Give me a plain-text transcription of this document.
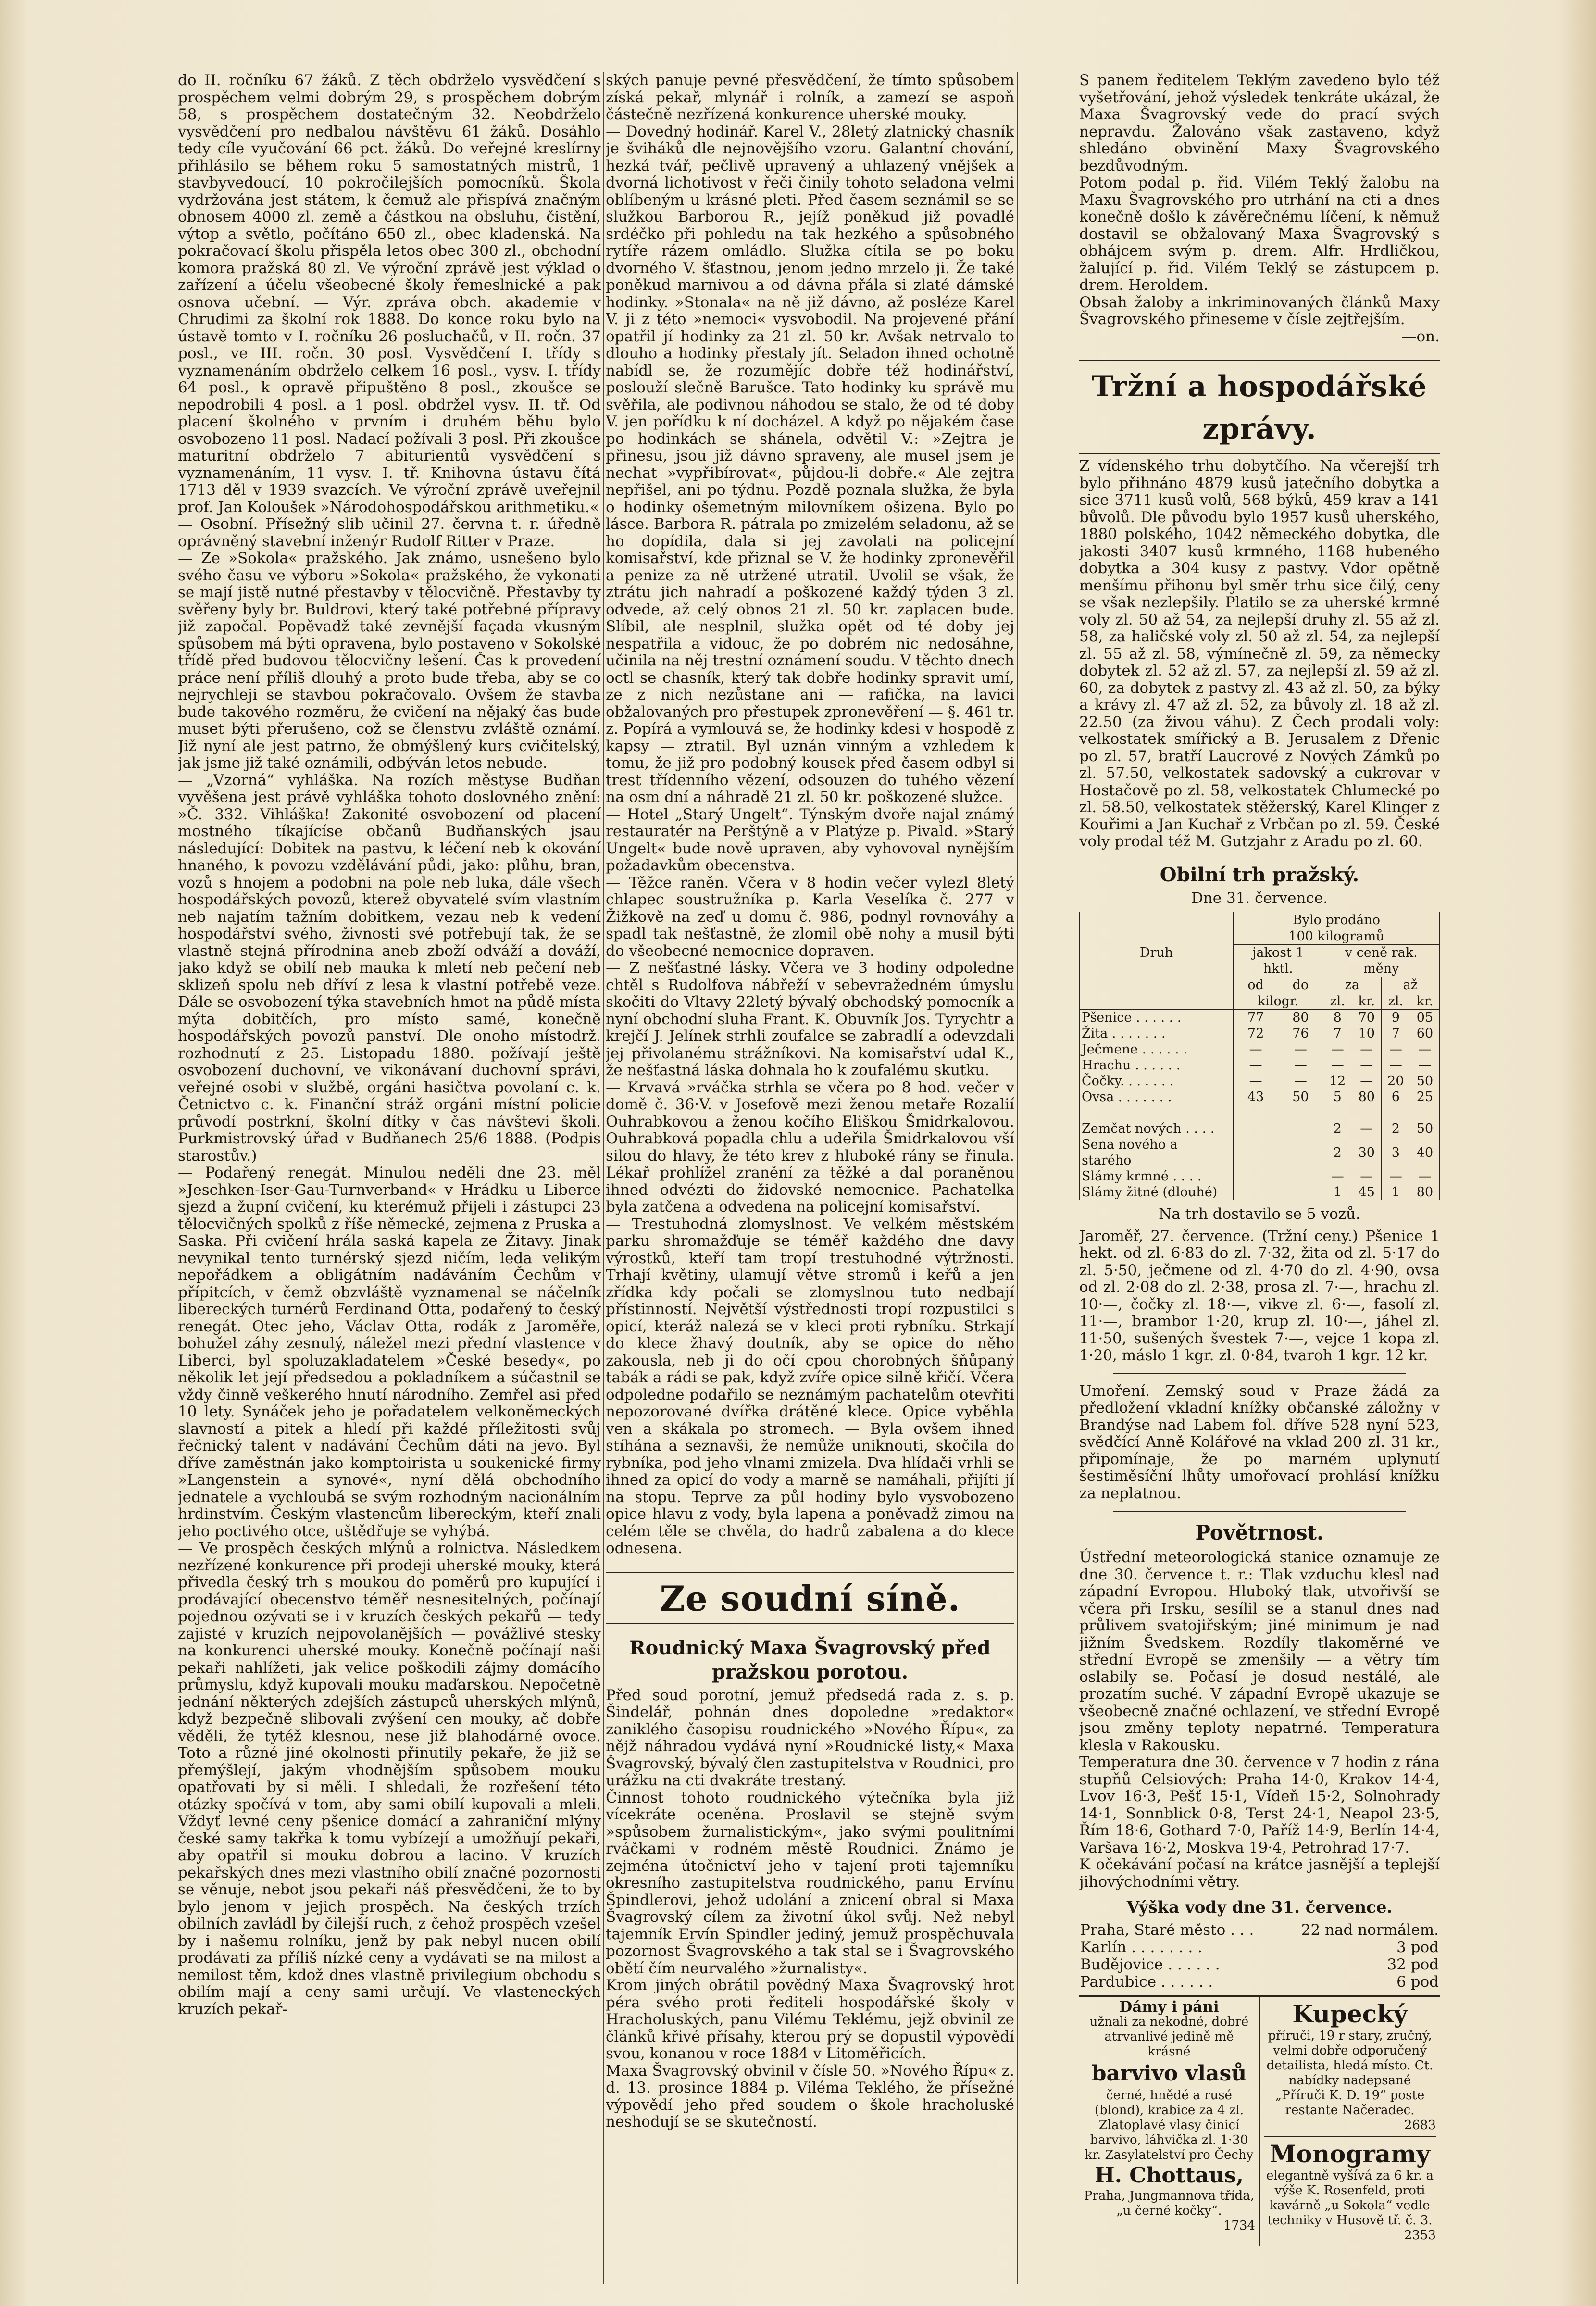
do II. ročníku 67 žáků. Z těch obdrželo vysvědčení s prospěchem velmi dobrým 29, s prospěchem dobrým 58, s prospěchem dostatečným 32. Neobdrželo vysvědčení pro nedbalou návštěvu 61 žáků. Dosáhlo tedy cíle vyučování 66 pct. žáků. Do veřejné kreslírny přihlásilo se během roku 5 samostatných mistrů, 1 stavbyvedoucí, 10 pokročilejších pomocníků. Škola vydržována jest státem, k čemuž ale přispívá značným obnosem 4000 zl. země a částkou na obsluhu, čistění, výtop a světlo, počítáno 650 zl., obec kladenská. Na pokračovací školu přispěla letos obec 300 zl., obchodní komora pražská 80 zl. Ve výroční zprávě jest výklad o zařízení a účelu všeobecné školy řemeslnické a pak osnova učební. — Výr. zpráva obch. akademie v Chrudimi za školní rok 1888. Do konce roku bylo na ústavě tomto v I. ročníku 26 posluchačů, v II. ročn. 37 posl., ve III. ročn. 30 posl. Vysvědčení I. třídy s vyznamenáním obdrželo celkem 16 posl., vysv. I. třídy 64 posl., k opravě připuštěno 8 posl., zkoušce se nepodrobili 4 posl. a 1 posl. obdržel vysv. II. tř. Od placení školného v prvním i druhém běhu bylo osvobozeno 11 posl. Nadací požívali 3 posl. Při zkoušce maturitní obdrželo 7 abiturientů vysvědčení s vyznamenáním, 11 vysv. I. tř. Knihovna ústavu čítá 1713 děl v 1939 svazcích. Ve výroční zprávě uveřejnil prof. Jan Koloušek »Národohospodářskou arithmetiku.«

— Osobní. Přísežný slib učinil 27. června t. r. úředně oprávněný stavební inženýr Rudolf Ritter v Praze.

— Ze »Sokola« pražského. Jak známo, usnešeno bylo svého času ve výboru »Sokola« pražského, že vykonati se mají jistě nutné přestavby v tělocvičně. Přestavby ty svěřeny byly br. Buldrovi, který také potřebné přípravy již započal. Popěvadž také zevnější façada vkusným spůsobem má býti opravena, bylo postaveno v Sokolské třídě před budovou tělocvičny lešení. Čas k provedení práce není příliš dlouhý a proto bude třeba, aby se co nejrychleji se stavbou pokračovalo. Ovšem že stavba bude takového rozměru, že cvičení na nějaký čas bude muset býti přerušeno, což se členstvu zvláště oznámí. Již nyní ale jest patrno, že obmýšlený kurs cvičitelský, jak jsme již také oznámili, odbýván letos nebude.

— „Vzorná“ vyhláška. Na rozích městyse Budňan vyvěšena jest právě vyhláška tohoto doslovného znění: »Č. 332. Vihláška! Zakonité osvobození od placení mostného tíkajícíse občanů Budňanských jsau následující: Dobitek na pastvu, k léčení neb k okování hnaného, k povozu vzdělávání půdi, jako: plůhu, bran, vozů s hnojem a podobni na pole neb luka, dále všech hospodářských povozů, kterež obyvatelé svím vlastním neb najatím tažním dobitkem, vezau neb k vedení hospodářství svého, živnosti své potřebují tak, že se vlastně stejná přírodnina aneb zboží odváží a dováží, jako když se obilí neb mauka k mletí neb pečení neb sklizeň spolu neb dříví z lesa k vlastní potřebě veze. Dále se osvobození týka stavebních hmot na půdě místa mýta dobitčích, pro místo samé, konečně hospodářských povozů panství. Dle onoho místodrž. rozhodnutí z 25. Listopadu 1880. požívají ještě osvobození duchovní, ve vikonávaní duchovní správi, veřejné osobi v službě, orgáni hasičtva povolaní c. k. Četnictvo c. k. Finanční stráž orgáni místní policie průvodí postrkní, školní dítky v čas návštevi školi. Purkmistrovský úřad v Budňanech 25/6 1888. (Podpis starostův.)

— Podařený renegát. Minulou neděli dne 23. měl »Jeschken-Iser-Gau-Turnverband« v Hrádku u Liberce sjezd a župní cvičení, ku kterémuž přijeli i zástupci 23 tělocvičných spolků z říše německé, zejmena z Pruska a Saska. Při cvičení hrála saská kapela ze Žitavy. Jinak nevynikal tento turnérský sjezd ničím, leda velikým nepořádkem a obligátním nadáváním Čechům v přípitcích, v čemž obzvláště vyznamenal se náčelník libereckých turnérů Ferdinand Otta, podařený to český renegát. Otec jeho, Václav Otta, rodák z Jaroměře, bohužel záhy zesnulý, náležel mezi přední vlastence v Liberci, byl spoluzakladatelem »České besedy«, po několik let její předsedou a pokladníkem a súčastnil se vždy činně veškerého hnutí národního. Zemřel asi před 10 lety. Synáček jeho je pořadatelem velkoněmeckých slavností a pitek a hledí při každé příležitosti svůj řečnický talent v nadávání Čechům dáti na jevo. Byl dříve zaměstnán jako komptoirista u soukenické firmy »Langenstein a synové«, nyní dělá obchodního jednatele a vychloubá se svým rozhodným nacionálním hrdinstvím. Českým vlastencům libereckým, kteří znali jeho poctivého otce, uštědřuje se vyhýbá.

— Ve prospěch českých mlýnů a rolnictva. Následkem nezřízené konkurence při prodeji uherské mouky, která přivedla český trh s moukou do poměrů pro kupující i prodávající obecenstvo téměř nesnesitelných, počínají pojednou ozývati se i v kruzích českých pekařů — tedy zajisté v kruzích nejpovolanějších — povážlivé stesky na konkurenci uherské mouky. Konečně počínají naši pekaři nahlížeti, jak velice poškodili zájmy domácího průmyslu, když kupovali mouku maďarskou. Nepočetně jednání některých zdejších zástupců uherských mlýnů, když bezpečně slibovali zvýšení cen mouky, ač dobře věděli, že tytéž klesnou, nese již blahodárné ovoce. Toto a různé jiné okolnosti přinutily pekaře, že již se přemýšlejí, jakým vhodnějším spůsobem mouku opatřovati by si měli. I shledali, že rozřešení této otázky spočívá v tom, aby sami obilí kupovali a mleli. Vždyť levné ceny pšenice domácí a zahraniční mlýny české samy takřka k tomu vybízejí a umožňují pekaři, aby opatřil si mouku dobrou a lacino. V kruzích pekařských dnes mezi vlastního obilí značné pozornosti se věnuje, nebot jsou pekaři náš přesvědčeni, že to by bylo jenom v jejich prospěch. Na českých trzích obilních zavládl by čilejší ruch, z čehož prospěch vzešel by i našemu rolníku, jenž by pak nebyl nucen obilí prodávati za příliš nízké ceny a vydávati se na milost a nemilost těm, kdož dnes vlastně privilegium obchodu s obilím mají a ceny sami určují. Ve vlasteneckých kruzích pekař-

ských panuje pevné přesvědčení, že tímto spůsobem získá pekař, mlynář i rolník, a zamezí se aspoň částečně nezřízená konkurence uherské mouky.

— Dovedný hodinář. Karel V., 28letý zlatnický chasník je šviháků dle nejnovějšího vzoru. Galantní chování, hezká tvář, pečlivě upravený a uhlazený vnějšek a dvorná lichotivost v řeči činily tohoto seladona velmi oblíbeným u krásné pleti. Před časem seznámil se se služkou Barborou R., jejíž poněkud již povadlé srdéčko při pohledu na tak hezkého a spůsobného rytíře rázem omládlo. Služka cítila se po boku dvorného V. šťastnou, jenom jedno mrzelo ji. Že také poněkud marnivou a od dávna přála si zlaté dámské hodinky. »Stonala« na ně již dávno, až posléze Karel V. ji z této »nemoci« vysvobodil. Na projevené přání opatřil jí hodinky za 21 zl. 50 kr. Avšak netrvalo to dlouho a hodinky přestaly jít. Seladon ihned ochotně nabídl se, že rozumějíc dobře též hodinářství, poslouží slečně Barušce. Tato hodinky ku správě mu svěřila, ale podivnou náhodou se stalo, že od té doby V. jen pořídku k ní docházel. A když po nějakém čase po hodinkách se shánela, odvětil V.: »Zejtra je přinesu, jsou již dávno spraveny, ale musel jsem je nechat »vypřibírovat«, půjdou-li dobře.« Ale zejtra nepřišel, ani po týdnu. Pozdě poznala služka, že byla o hodinky ošemetným milovníkem ošizena. Bylo po lásce. Barbora R. pátrala po zmizelém seladonu, až se ho dopídila, dala si jej zavolati na policejní komisařství, kde přiznal se V. že hodinky zpronevěřil a penize za ně utržené utratil. Uvolil se však, že ztrátu jich nahradí a poškozené každý týden 3 zl. odvede, až celý obnos 21 zl. 50 kr. zaplacen bude. Slíbil, ale nesplnil, služka opět od té doby jej nespatřila a vidouc, že po dobrém nic nedosáhne, učinila na něj trestní oznámení soudu. V těchto dnech octl se chasník, který tak dobře hodinky spravit umí, ze z nich nezůstane ani — rafička, na lavici obžalovaných pro přestupek zpronevěření — §. 461 tr. z. Popírá a vymlouvá se, že hodinky kdesi v hospodě z kapsy — ztratil. Byl uznán vinným a vzhledem k tomu, že již pro podobný kousek před časem odbyl si trest třídenního vězení, odsouzen do tuhého vězení na osm dní a náhradě 21 zl. 50 kr. poškozené služce.

— Hotel „Starý Ungelt“. Týnským dvoře najal známý restauratér na Perštýně a v Platýze p. Pivald. »Starý Ungelt« bude nově upraven, aby vyhovoval nynějším požadavkům obecenstva.

— Těžce raněn. Včera v 8 hodin večer vylezl 8letý chlapec soustružníka p. Karla Veselíka č. 277 v Žižkově na zeď u domu č. 986, podnyl rovnováhy a spadl tak nešťastně, že zlomil obě nohy a musil býti do všeobecné nemocnice dopraven.

— Z nešťastné lásky. Včera ve 3 hodiny odpoledne chtěl s Rudolfova nábřeží v sebevražedném úmyslu skočiti do Vltavy 22letý bývalý obchodský pomocník a nyní obchodní sluha Frant. K. Obuvník Jos. Tyrychtr a krejčí J. Jelínek strhli zoufalce se zabradlí a odevzdali jej přivolanému strážníkovi. Na komisařství udal K., že nešťastná láska dohnala ho k zoufalému skutku.

— Krvavá »rváčka strhla se včera po 8 hod. večer v domě č. 36·V. v Josefově mezi ženou metaře Rozalií Ouhrabkovou a ženou kočího Eliškou Šmidrkalovou. Ouhrabková popadla chlu a udeřila Šmidrkalovou vší silou do hlavy, že této krev z hluboké rány se řinula. Lékař prohlížel zranění za těžké a dal poraněnou ihned odvézti do židovské nemocnice. Pachatelka byla zatčena a odvedena na policejní komisařství.

— Trestuhodná zlomyslnost. Ve velkém městském parku shromažďuje se téměř každého dne davy výrostků, kteří tam tropí trestuhodné výtržnosti. Trhají květiny, ulamují větve stromů i keřů a jen zřídka kdy počali se zlomyslnou tuto nedbají přístinností. Největší výstřednosti tropí rozpustilci s opicí, kteráž nalezá se v kleci proti rybníku. Strkají do klece žhavý doutník, aby se opice do něho zakousla, neb ji do očí cpou chorobných šňůpaný tabák a rádi se pak, když zvíře opice silně křičí. Včera odpoledne podařilo se neznámým pachatelům otevřiti nepozorované dvířka drátěné klece. Opice vyběhla ven a skákala po stromech. — Byla ovšem ihned stíhána a seznavši, že nemůže uniknouti, skočila do rybníka, pod jeho vlnami zmizela. Dva hlídači vrhli se ihned za opicí do vody a marně se namáhali, přijíti jí na stopu. Teprve za půl hodiny bylo vysvobozeno opice hlavu z vody, byla lapena a poněvadž zimou na celém těle se chvěla, do hadrů zabalena a do klece odnesena.

Ze soudní síně.
Roudnický Maxa Švagrovský před pražskou porotou.

Před soud porotní, jemuž předsedá rada z. s. p. Šindelář, pohnán dnes dopoledne »redaktor« zaniklého časopisu roudnického »Nového Řípu«, za nějž náhradou vydává nyní »Roudnické listy,« Maxa Švagrovský, bývalý člen zastupitelstva v Roudnici, pro urážku na cti dvakráte trestaný.

Činnost tohoto roudnického výtečníka byla již vícekráte oceněna. Proslavil se stejně svým »spůsobem žurnalistickým«, jako svými poulitními rváčkami v rodném městě Roudnici. Známo je zejména útočnictví jeho v tajení proti tajemníku okresního zastupitelstva roudnického, panu Ervínu Špindlerovi, jehož udolání a znicení obral si Maxa Švagrovský cílem za životní úkol svůj. Než nebyl tajemník Ervín Spindler jediný, jemuž prospěchuvala pozornost Švagrovského a tak stal se i Švagrovského obětí čím neurvalého »žurnalisty«.

Krom jiných obrátil povědný Maxa Švagrovský hrot péra svého proti řediteli hospodářské školy v Hracholuských, panu Vilému Teklému, jejž obvinil ze článků křivé přísahy, kterou prý se dopustil výpovědí svou, konanou v roce 1884 v Litoměřicích.

Maxa Švagrovský obvinil v čísle 50. »Nového Řípu« z. d. 13. prosince 1884 p. Viléma Teklého, že přísežné výpovědí jeho před soudem o škole hracholuské neshodují se se skutečností.

S panem ředitelem Teklým zavedeno bylo též vyšetřování, jehož výsledek tenkráte ukázal, že Maxa Švagrovský vede do prací svých nepravdu. Žalováno však zastaveno, když shledáno obvinění Maxy Švagrovského bezdůvodným.

Potom podal p. řid. Vilém Teklý žalobu na Maxu Švagrovského pro utrhání na cti a dnes konečně došlo k závěrečnému líčení, k němuž dostavil se obžalovaný Maxa Švagrovský s obhájcem svým p. drem. Alfr. Hrdličkou, žalující p. řid. Vilém Teklý se zástupcem p. drem. Heroldem.

Obsah žaloby a inkriminovaných článků Maxy Švagrovského přineseme v čísle zejtřejším.

—on.

Tržní a hospodářské zprávy.

Z vídenského trhu dobytčího. Na včerejší trh bylo přihnáno 4879 kusů jatečního dobytka a sice 3711 kusů volů, 568 býků, 459 krav a 141 bůvolů. Dle původu bylo 1957 kusů uherského, 1880 polského, 1042 německého dobytka, dle jakosti 3407 kusů krmného, 1168 hubeného dobytka a 304 kusy z pastvy. Vdor opětně menšímu přihonu byl směr trhu sice čilý, ceny se však nezlepšily. Platilo se za uherské krmné voly zl. 50 až 54, za nejlepší druhy zl. 55 až zl. 58, za haličské voly zl. 50 až zl. 54, za nejlepší zl. 55 až zl. 58, výmínečně zl. 59, za německy dobytek zl. 52 až zl. 57, za nejlepší zl. 59 až zl. 60, za dobytek z pastvy zl. 43 až zl. 50, za býky a krávy zl. 47 až zl. 52, za bůvoly zl. 18 až zl. 22.50 (za živou váhu). Z Čech prodali voly: velkostatek smířický a B. Jerusalem z Dřenic po zl. 57, bratří Laucrové z Nových Zámků po zl. 57.50, velkostatek sadovský a cukrovar v Hostačově po zl. 58, velkostatek Chlumecké po zl. 58.50, velkostatek stěžerský, Karel Klinger z Kouřimi a Jan Kuchař z Vrbčan po zl. 59. České voly prodal též M. Gutzjahr z Aradu po zl. 60.

Obilní trh pražský.
Dne 31. července.
Druh	Bylo prodáno					
	100 kilogramů					
	jakost 1 hktl.		v ceně rak. měny			
	od	do	za		až	
	kilogr.		zl.	kr.	zl.	kr.
Pšenice . . . . . .	77	80	8	70	9	05
Žita . . . . . . .	72	76	7	10	7	60
Ječmene . . . . . .	—	—	—	—	—	—
Hrachu . . . . . .	—	—	—	—	—	—
Čočky. . . . . . .	—	—	12	—	20	50
Ovsa . . . . . . .	43	50	5	80	6	25

Zemčat nových . . . .			2	—	2	50
Sena nového a starého			2	30	3	40
Slámy krmné . . . .			—	—	—	—
Slámy žitné (dlouhé)			1	45	1	80
Na trh dostavilo se 5 vozů.

Jaroměř, 27. července. (Tržní ceny.) Pšenice 1 hekt. od zl. 6·83 do zl. 7·32, žita od zl. 5·17 do zl. 5·50, ječmene od zl. 4·70 do zl. 4·90, ovsa od zl. 2·08 do zl. 2·38, prosa zl. 7·—, hrachu zl. 10·—, čočky zl. 18·—, vikve zl. 6·—, fasolí zl. 11·—, brambor 1·20, krup zl. 10·—, jáhel zl. 11·50, sušených švestek 7·—, vejce 1 kopa zl. 1·20, máslo 1 kgr. zl. 0·84, tvaroh 1 kgr. 12 kr.

Umoření. Zemský soud v Praze žádá za předložení vkladní knížky občanské záložny v Brandýse nad Labem fol. dříve 528 nyní 523, svědčící Anně Kolářové na vklad 200 zl. 31 kr., připomínaje, že po marném uplynutí šestiměsíční lhůty umořovací prohlásí knížku za neplatnou.

Povětrnost.

Ústřední meteorologická stanice oznamuje ze dne 30. července t. r.: Tlak vzduchu klesl nad západní Evropou. Hluboký tlak, utvořivší se včera při Irsku, sesílil se a stanul dnes nad průlivem svatojiřským; jiné minimum je nad jižním Švedskem. Rozdíly tlakoměrné ve střední Evropě se zmenšily — a větry tím oslabily se. Počasí je dosud nestálé, ale prozatím suché. V západní Evropě ukazuje se všeobecně značné ochlazení, ve střední Evropě jsou změny teploty nepatrné. Temperatura klesla v Rakousku.

Temperatura dne 30. července v 7 hodin z rána stupňů Celsiových: Praha 14·0, Krakov 14·4, Lvov 16·3, Pešť 15·1, Vídeň 15·2, Solnohrady 14·1, Sonnblick 0·8, Terst 24·1, Neapol 23·5, Řím 18·6, Gothard 7·0, Paříž 14·9, Berlín 14·4, Varšava 16·2, Moskva 19·4, Petrohrad 17·7.

K očekávání počasí na krátce jasnější a teplejší jihovýchodními větry.

Výška vody dne 31. července.
Praha, Staré město . . .	22 nad normálem.
Karlín . . . . . . . .	3 pod
Budějovice . . . . . .	32 pod
Pardubice . . . . . .	6 pod
Dámy i páni
užnali za nekodné, dobré atrvanlivé jedině mě krásné
barvivo vlasů
černé, hnědé a rusé (blond), krabice za 4 zl. Zlatoplavé vlasy činicí barvivo, láhvička zl. 1·30 kr. Zasylatelství pro Čechy
H. Chottaus,
Praha, Jungmannova třída, „u černé kočky“.
1734
Kupecký
příruči, 19 r stary, zručný, velmi dobře odporučený detailista, hledá místo. Ct. nabídky nadepsané „Příruči K. D. 19“ poste restante Načeradec.
2683
Monogramy
elegantně vyšívá za 6 kr. a výše K. Rosenfeld, proti kavárně „u Sokola“ vedle techniky v Husově tř. č. 3.
2353
